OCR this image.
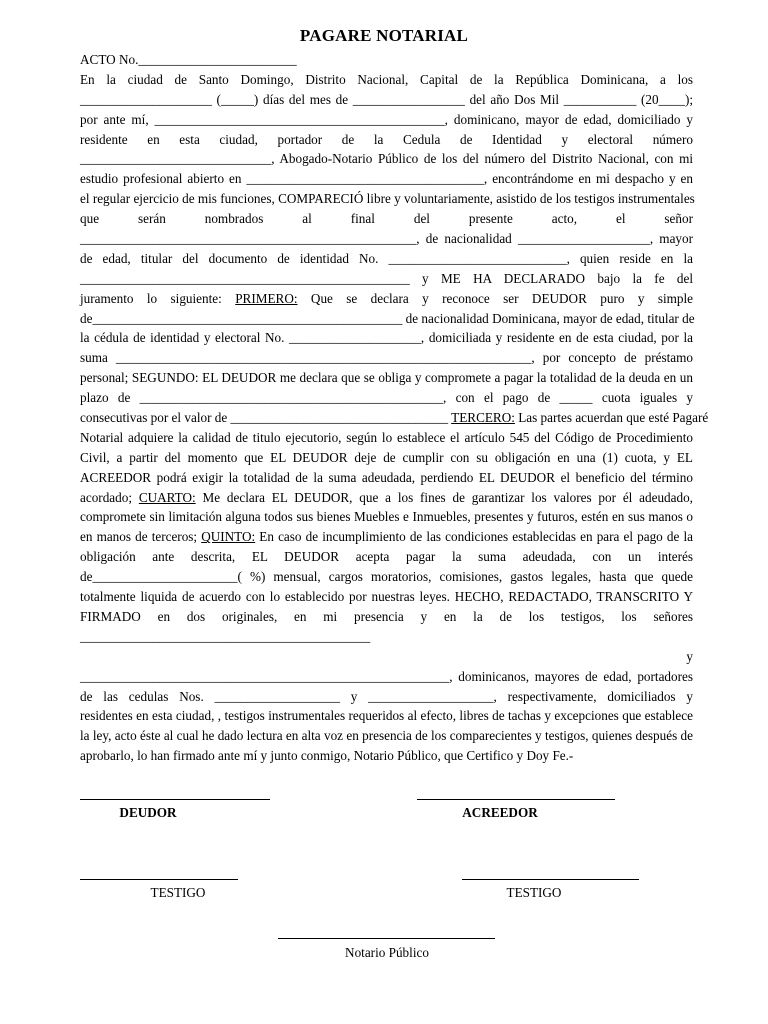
PAGARE NOTARIAL
ACTO No.________________________
En la ciudad de Santo Domingo, Distrito Nacional, Capital de la República Dominicana, a los
____________________ (_____) días del mes de _________________ del año Dos Mil ___________ (20____);
por ante mí, ____________________________________________, dominicano, mayor de edad, domiciliado y
residente en esta ciudad, portador de la Cedula de Identidad y electoral número
_____________________________, Abogado-Notario Público de los del número del Distrito Nacional, con mi
estudio profesional abierto en ____________________________________, encontrándome en mi despacho y en
el regular ejercicio de mis funciones, COMPARECIÓ libre y voluntariamente, asistido de los testigos instrumentales
que serán nombrados al final del presente acto, el señor
___________________________________________________, de nacionalidad ____________________, mayor
de edad, titular del documento de identidad No. ___________________________, quien reside en la
__________________________________________________ y ME HA DECLARADO bajo la fe del
juramento lo siguiente: PRIMERO: Que se declara y reconoce ser DEUDOR puro y simple
de_______________________________________________ de nacionalidad Dominicana, mayor de edad, titular de
la cédula de identidad y electoral No. ____________________, domiciliada y residente en de esta ciudad, por la
suma _______________________________________________________________, por concepto de préstamo
personal; SEGUNDO: EL DEUDOR me declara que se obliga y compromete a pagar la totalidad de la deuda en un
plazo de ______________________________________________, con el pago de _____ cuota iguales y
consecutivas por el valor de _________________________________ TERCERO: Las partes acuerdan que esté Pagaré
Notarial adquiere la calidad de titulo ejecutorio, según lo establece el artículo 545 del Código de Procedimiento
Civil, a partir del momento que EL DEUDOR deje de cumplir con su obligación en una (1) cuota, y EL
ACREEDOR podrá exigir la totalidad de la suma adeudada, perdiendo EL DEUDOR el beneficio del término
acordado; CUARTO: Me declara EL DEUDOR, que a los fines de garantizar los valores por él adeudado,
compromete sin limitación alguna todos sus bienes Muebles e Inmuebles, presentes y futuros, estén en sus manos o
en manos de terceros; QUINTO: En caso de incumplimiento de las condiciones establecidas en para el pago de la
obligación ante descrita, EL DEUDOR acepta pagar la suma adeudada, con un interés
de______________________( %) mensual, cargos moratorios, comisiones, gastos legales, hasta que quede
totalmente liquida de acuerdo con lo establecido por nuestras leyes. HECHO, REDACTADO, TRANSCRITO Y
FIRMADO en dos originales, en mi presencia y en la de los testigos, los señores
____________________________________________
y
________________________________________________________, dominicanos, mayores de edad, portadores
de las cedulas Nos. ___________________ y ___________________, respectivamente, domiciliados y
residentes en esta ciudad, , testigos instrumentales requeridos al efecto, libres de tachas y excepciones que establece
la ley, acto éste al cual he dado lectura en alta voz en presencia de los comparecientes y testigos, quienes después de
aprobarlo, lo han firmado ante mí y junto conmigo, Notario Público, que Certifico y Doy Fe.-
DEUDOR	ACREEDOR
TESTIGO	TESTIGO
Notario Público
